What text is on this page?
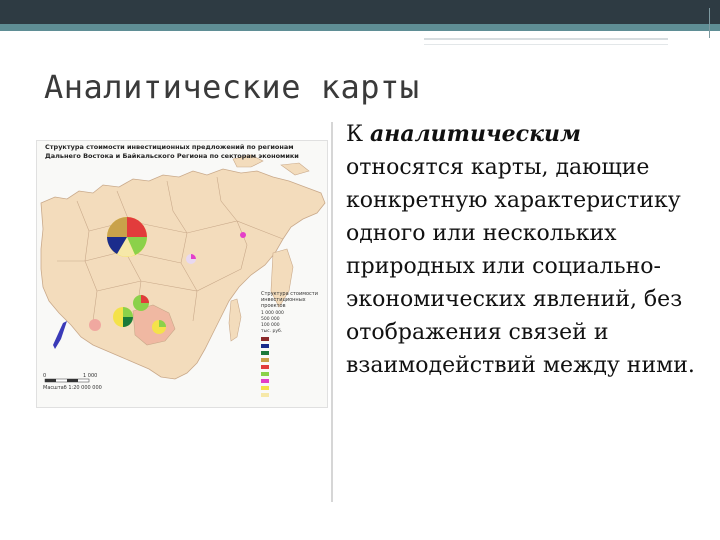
Аналитические карты

К аналитическим относятся карты, дающие конкретную характеристику одного или нескольких природных или социально-экономических явлений, без отображения связей и взаимодействий между ними.

Структура стоимости инвестиционных предложений по регионам Дальнего Востока и Байкальского Региона по секторам экономики
Структура стоимости инвестиционных проектов
1 000 000
500 000
100 000
тыс. руб.
0	1 000
Масштаб 1:20 000 000
